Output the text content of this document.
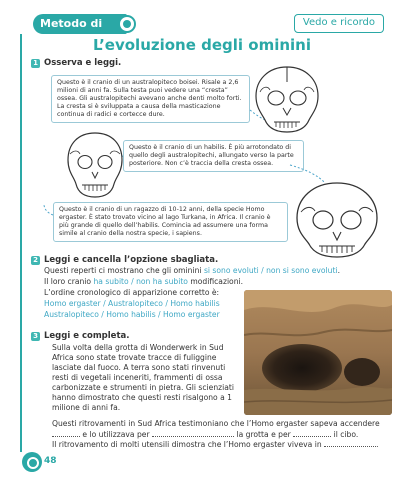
Metodo di studio
Vedo e ricordo
L’evoluzione degli ominini
1 Osserva e leggi.
Questo è il cranio di un australopiteco boisei. Risale a 2,6 milioni di anni fa. Sulla testa puoi vedere una “cresta” ossea. Gli australopitechi avevano anche denti molto forti. La cresta si è sviluppata a causa della masticazione continua di radici e cortecce dure.
Questo è il cranio di un habilis. È più arrotondato di quello degli australopitechi, allungato verso la parte posteriore. Non c’è traccia della cresta ossea.
Questo è il cranio di un ragazzo di 10-12 anni, della specie Homo ergaster. È stato trovato vicino al lago Turkana, in Africa. Il cranio è più grande di quello dell’habilis. Comincia ad assumere una forma simile al cranio della nostra specie, i sapiens.
2 Leggi e cancella l’opzione sbagliata.
Questi reperti ci mostrano che gli ominini si sono evoluti / non si sono evoluti.
Il loro cranio ha subito / non ha subito modificazioni.
L’ordine cronologico di apparizione corretto è:
Homo ergaster / Australopiteco / Homo habilis
Australopiteco / Homo habilis / Homo ergaster
3 Leggi e completa.
Sulla volta della grotta di Wonderwerk in Sud Africa sono state trovate tracce di fuliggine lasciate dal fuoco. A terra sono stati rinvenuti resti di vegetali inceneriti, frammenti di ossa carbonizzate e strumenti in pietra. Gli scienziati hanno dimostrato che questi resti risalgono a 1 milione di anni fa.
Questi ritrovamenti in Sud Africa testimoniano che l’Homo ergaster sapeva accendere
e lo utilizzava per	la grotta e per	il cibo.
Il ritrovamento di molti utensili dimostra che l’Homo ergaster viveva in	.
48
